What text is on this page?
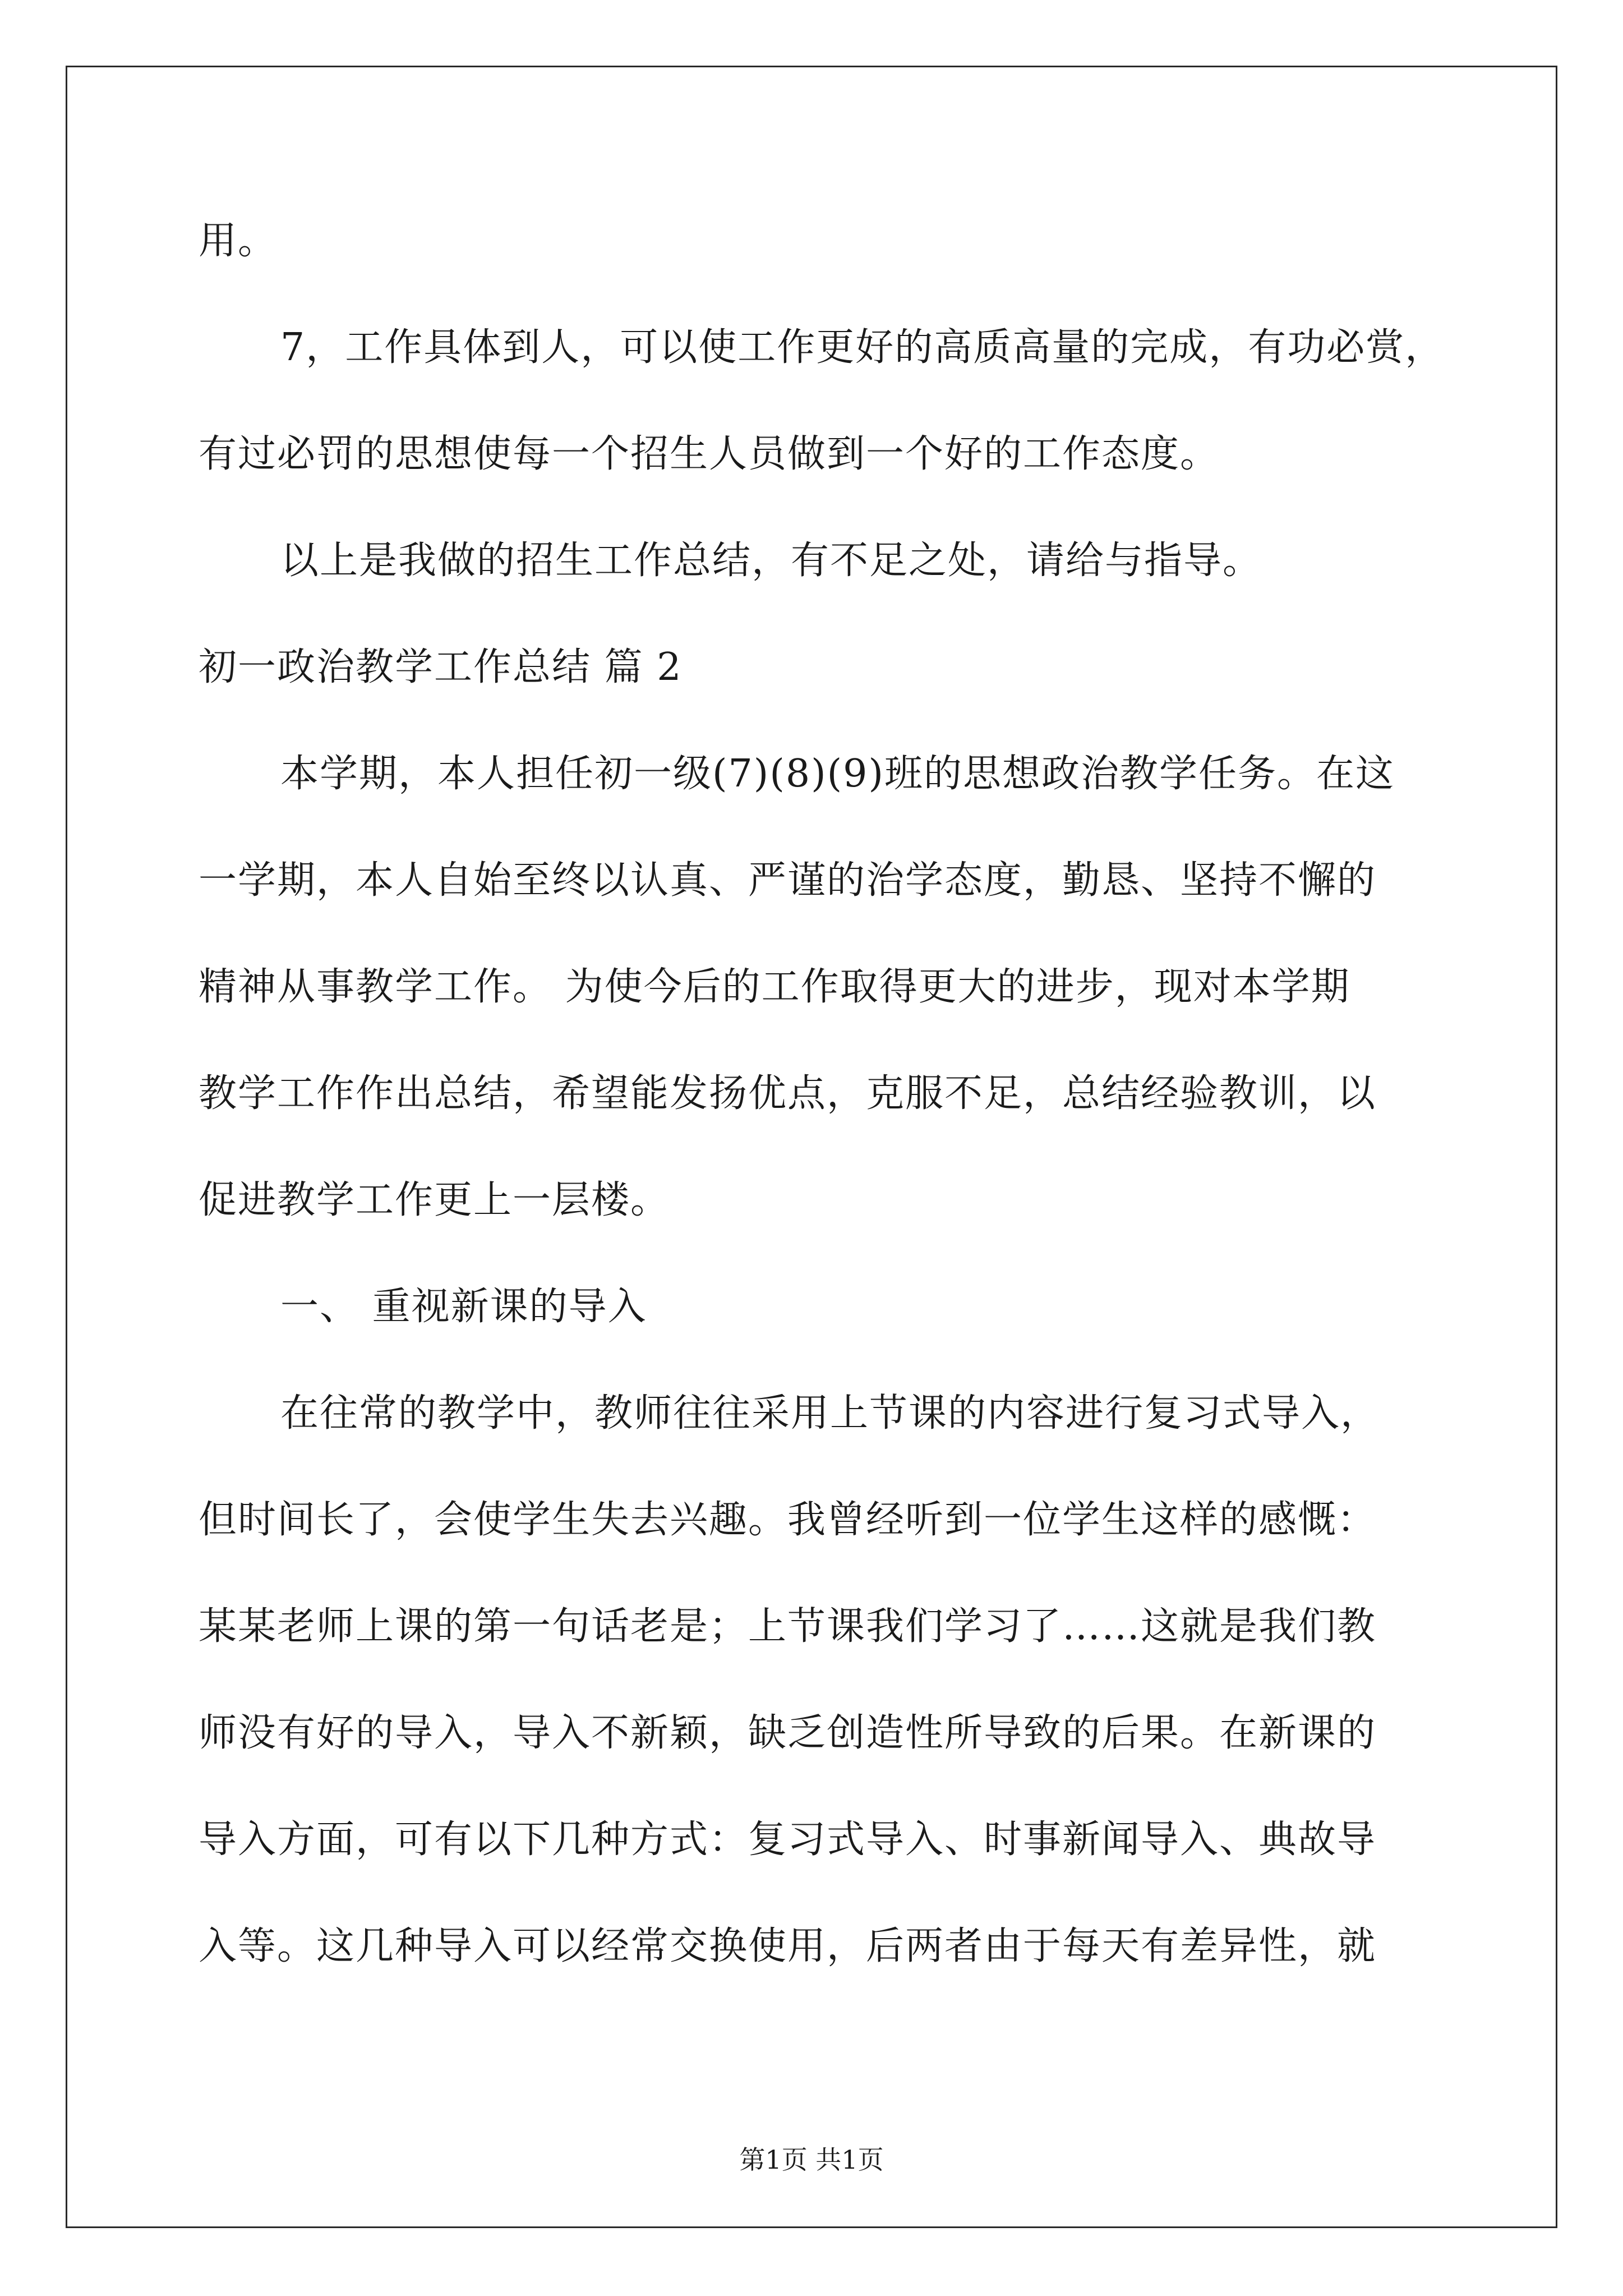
用。
7，工作具体到人，可以使工作更好的高质高量的完成，有功必赏，
有过必罚的思想使每一个招生人员做到一个好的工作态度。
以上是我做的招生工作总结，有不足之处，请给与指导。
初一政治教学工作总结 篇 2
本学期，本人担任初一级(7)(8)(9)班的思想政治教学任务。在这
一学期，本人自始至终以认真、严谨的治学态度，勤恳、坚持不懈的
精神从事教学工作。 为使今后的工作取得更大的进步，现对本学期
教学工作作出总结，希望能发扬优点，克服不足，总结经验教训，以
促进教学工作更上一层楼。
一、 重视新课的导入
在往常的教学中，教师往往采用上节课的内容进行复习式导入，
但时间长了，会使学生失去兴趣。我曾经听到一位学生这样的感慨：
某某老师上课的第一句话老是；上节课我们学习了……这就是我们教
师没有好的导入，导入不新颖，缺乏创造性所导致的后果。在新课的
导入方面，可有以下几种方式：复习式导入、时事新闻导入、典故导
入等。这几种导入可以经常交换使用，后两者由于每天有差异性，就
第1页 共1页
